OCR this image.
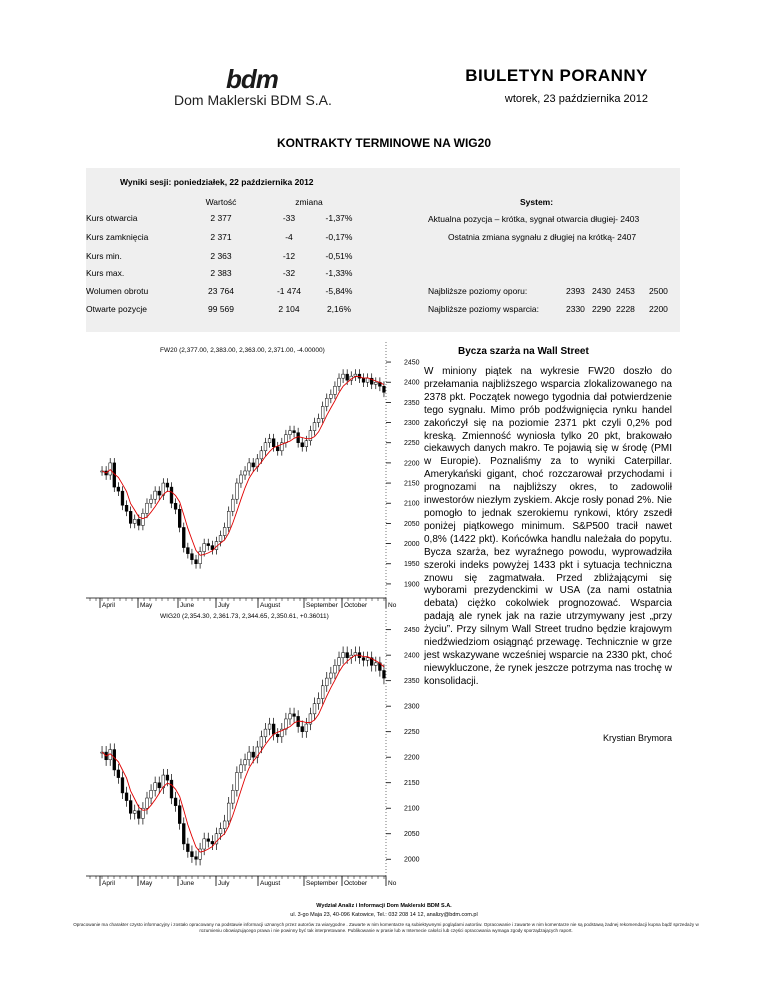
bdm
Dom Maklerski BDM S.A.
BIULETYN PORANNY
wtorek, 23 października 2012
KONTRAKTY TERMINOWE NA WIG20
Wyniki sesji: poniedziałek, 22 października 2012
Wartość	zmiana	System:
Kurs otwarcia	2 377	-33	-1,37%
Kurs zamknięcia	2 371	-4	-0,17%
Kurs min.	2 363	-12	-0,51%
Kurs max.	2 383	-32	-1,33%
Wolumen obrotu	23 764	-1 474	-5,84%
Otwarte pozycje	99 569	2 104	2,16%
Aktualna pozycja – krótka, sygnał otwarcia długiej- 2403
Ostatnia zmiana sygnału z długiej na krótką- 2407
Najbliższe poziomy oporu:	2393 2430 2453 2500
Najbliższe poziomy wsparcia:	2330 2290 2228 2200
FW20 (2,377.00, 2,383.00, 2,363.00, 2,371.00, -4.00000)
1900
1950
2000
2050
2100
2150
2200
2250
2300
2350
2400
2450
April	May	June	July	August	September October	No
WIG20 (2,354.30, 2,361.73, 2,344.65, 2,350.61, +0.36011)
2000
2050
2100
2150
2200
2250
2300
2350
2400
2450
April	May	June	July	August	September October	No
Bycza szarża na Wall Street
W miniony piątek na wykresie FW20 doszło do przełamania najbliższego wsparcia zlokalizowanego na 2378 pkt. Początek nowego tygodnia dał potwierdzenie tego sygnału. Mimo prób podźwignięcia rynku handel zakończył się na poziomie 2371 pkt czyli 0,2% pod kreską. Zmienność wyniosła tylko 20 pkt, brakowało ciekawych danych makro. Te pojawią się w środę (PMI w Europie). Poznaliśmy za to wyniki Caterpillar. Amerykański gigant, choć rozczarował przychodami i prognozami na najbliższy okres, to zadowolił inwestorów niezłym zyskiem. Akcje rosły ponad 2%. Nie pomogło to jednak szerokiemu rynkowi, który zszedł poniżej piątkowego minimum. S&P500 tracił nawet 0,8% (1422 pkt). Końcówka handlu należała do popytu. Bycza szarża, bez wyraźnego powodu, wyprowadziła szeroki indeks powyżej 1433 pkt i sytuacja techniczna znowu się zagmatwała. Przed zbliżającymi się wyborami prezydenckimi w USA (za nami ostatnia debata) ciężko cokolwiek prognozować. Wsparcia padają ale rynek jak na razie utrzymywany jest „przy życiu”. Przy silnym Wall Street trudno będzie krajowym niedźwiedziom osiągnąć przewagę. Technicznie w grze jest wskazywane wcześniej wsparcie na 2330 pkt, choć niewykluczone, że rynek jeszcze potrzyma nas trochę w konsolidacji.
Krystian Brymora
Wydział Analiz i Informacji Dom Maklerski BDM S.A.
ul. 3-go Maja 23, 40-096 Katowice, Tel.: 032 208 14 12, analizy@bdm.com.pl
Opracowanie ma charakter czysto informacyjny i zostało opracowany na podstawie informacji uznanych przez autorów za wiarygodne . Zawarte w nim komentarze są subiektywnymi poglądami autorów. Opracowanie i zawarte w nim komentarze nie są podstawą żadnej rekomendacji kupna bądź sprzedaży w rozumieniu obowiązującego prawa i nie powinny być tak interpretowane. Publikowanie w prasie lub w Internecie całości lub części opracowania wymaga zgody sporządzających raport.
